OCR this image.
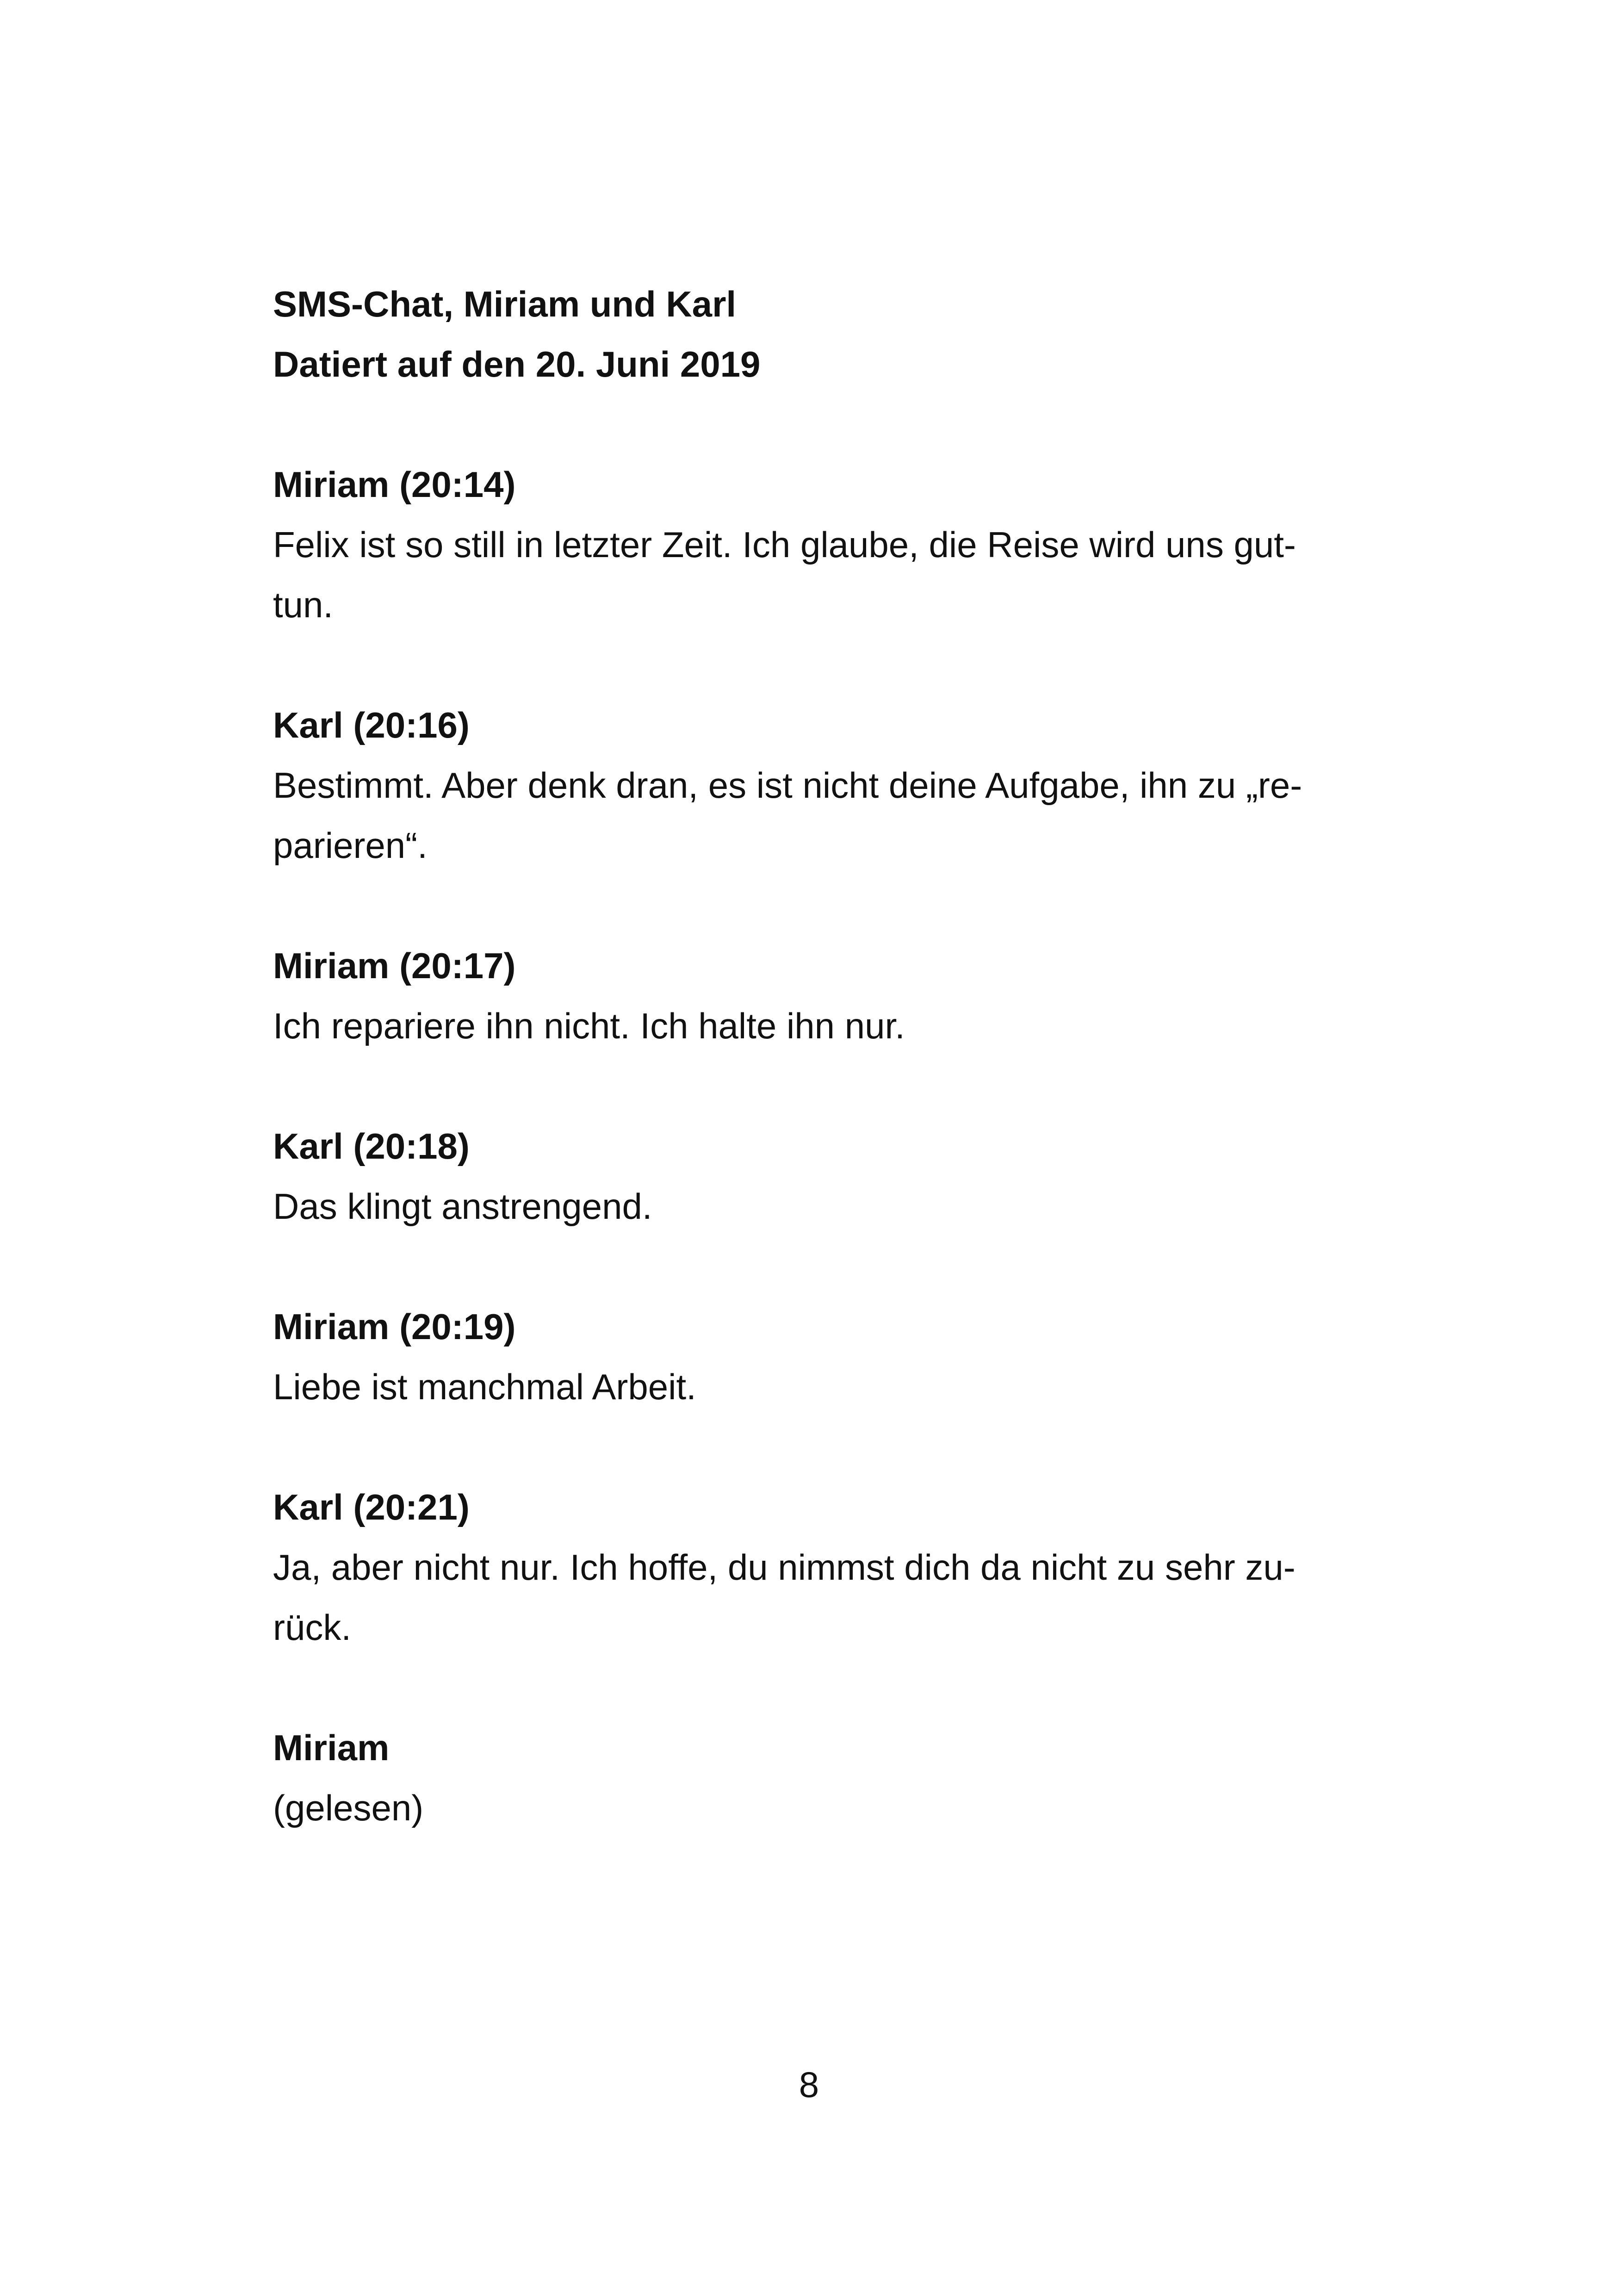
SMS-Chat, Miriam und Karl
Datiert auf den 20. Juni 2019
Miriam (20:14)
Felix ist so still in letzter Zeit. Ich glaube, die Reise wird uns gut-
tun.
Karl (20:16)
Bestimmt. Aber denk dran, es ist nicht deine Aufgabe, ihn zu „re-
parieren“.
Miriam (20:17)
Ich repariere ihn nicht. Ich halte ihn nur.
Karl (20:18)
Das klingt anstrengend.
Miriam (20:19)
Liebe ist manchmal Arbeit.
Karl (20:21)
Ja, aber nicht nur. Ich hoffe, du nimmst dich da nicht zu sehr zu-
rück.
Miriam
(gelesen)
8
